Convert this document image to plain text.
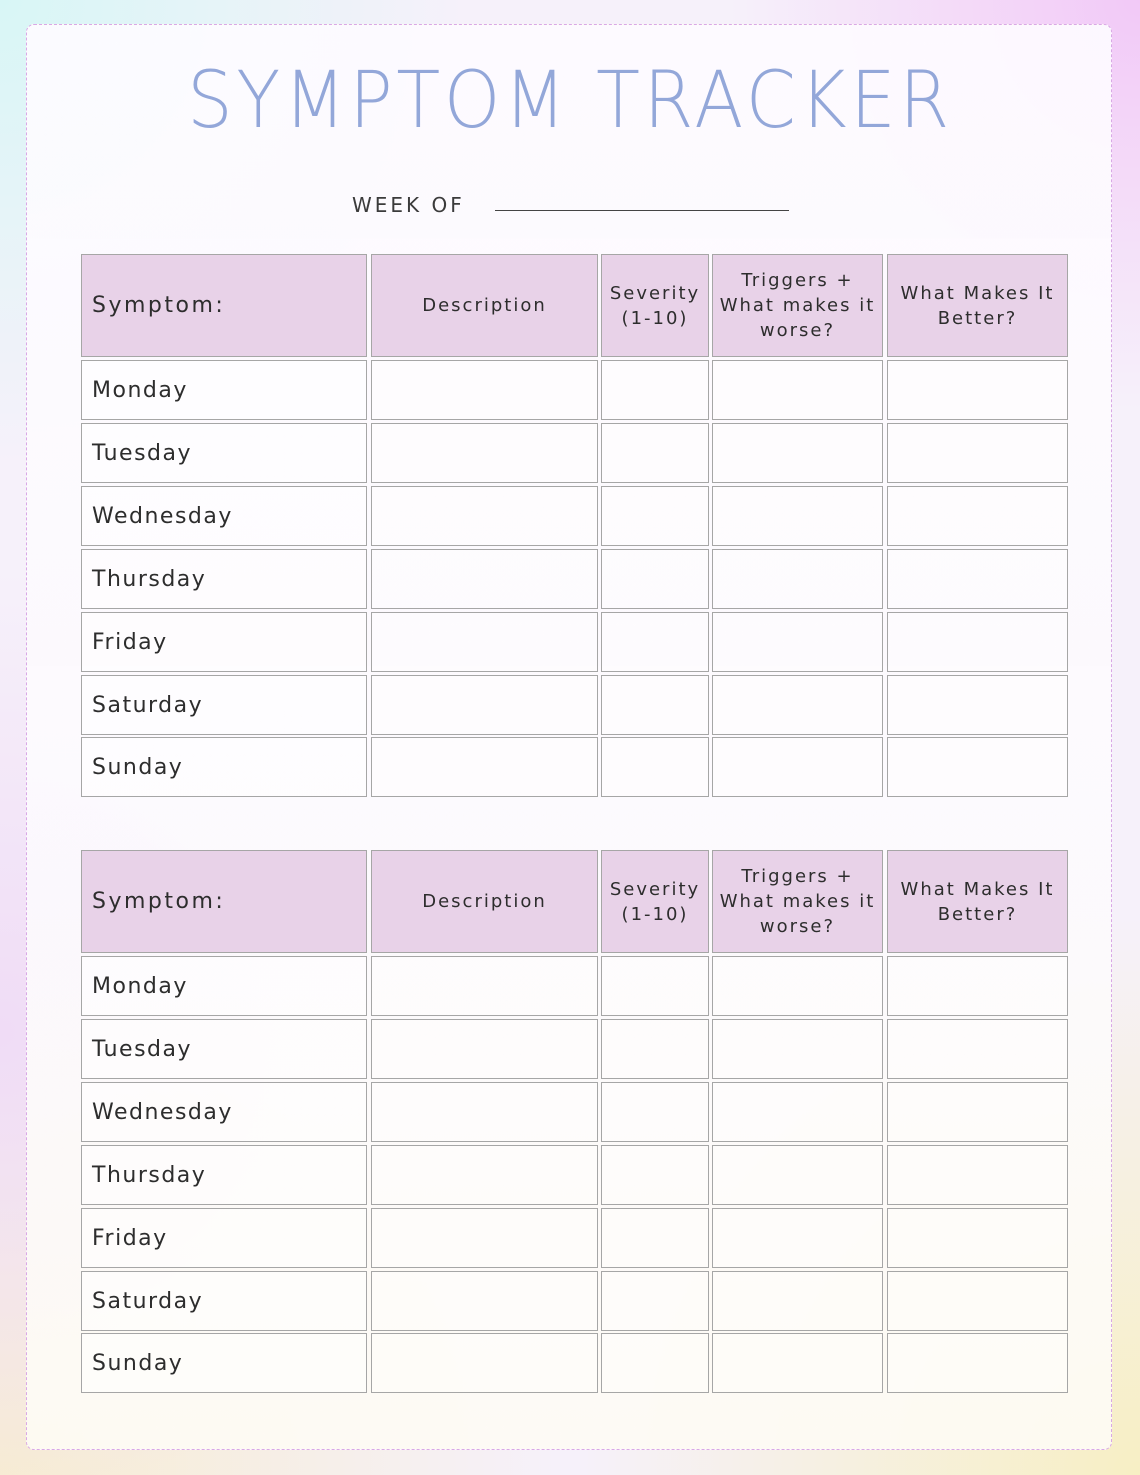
SYMPTOM TRACKER
WEEK OF
Symptom:	Description
Severity (1-10)
Triggers + What makes it worse?
What Makes It Better?
Monday
Tuesday
Wednesday
Thursday
Friday
Saturday
Sunday
Symptom:	Description
Severity (1-10)
Triggers + What makes it worse?
What Makes It Better?
Monday
Tuesday
Wednesday
Thursday
Friday
Saturday
Sunday
